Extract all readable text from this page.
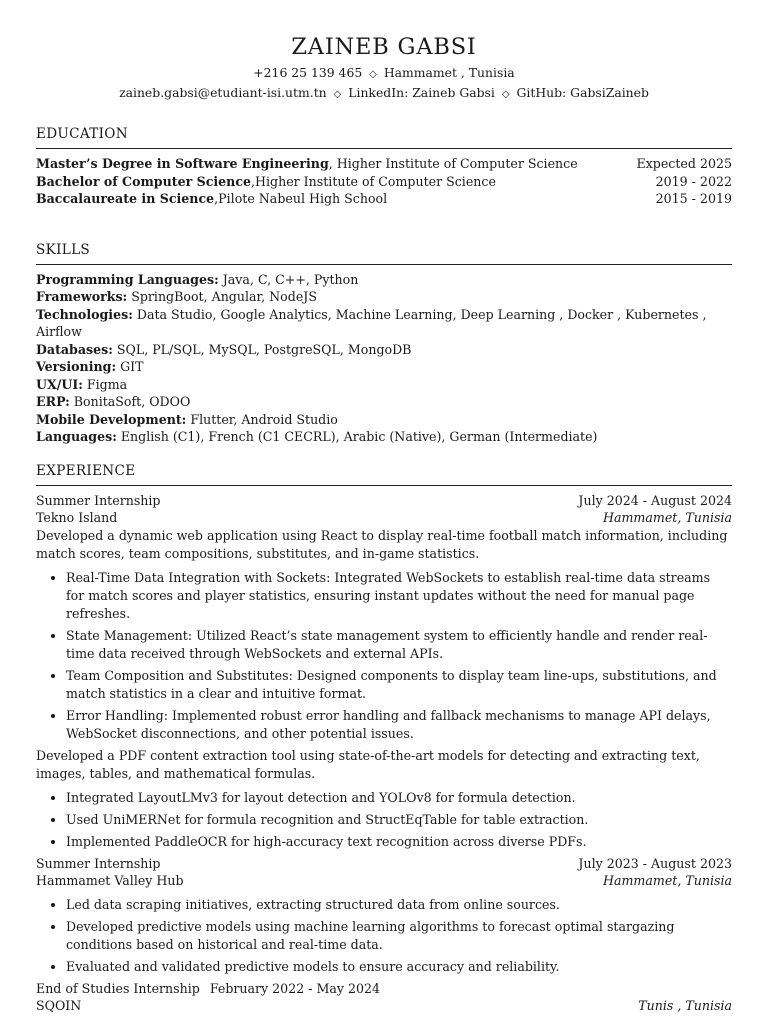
ZAINEB GABSI
+216 25 139 465 ◇ Hammamet , Tunisia
zaineb.gabsi@etudiant-isi.utm.tn ◇ LinkedIn: Zaineb Gabsi ◇ GitHub: GabsiZaineb
EDUCATION
Master’s Degree in Software Engineering, Higher Institute of Computer Science	Expected 2025
Bachelor of Computer Science,Higher Institute of Computer Science	2019 - 2022
Baccalaureate in Science,Pilote Nabeul High School	2015 - 2019
SKILLS
Programming Languages: Java, C, C++, Python
Frameworks: SpringBoot, Angular, NodeJS
Technologies: Data Studio, Google Analytics, Machine Learning, Deep Learning , Docker , Kubernetes , Airflow
Databases: SQL, PL/SQL, MySQL, PostgreSQL, MongoDB
Versioning: GIT
UX/UI: Figma
ERP: BonitaSoft, ODOO
Mobile Development: Flutter, Android Studio
Languages: English (C1), French (C1 CECRL), Arabic (Native), German (Intermediate)
EXPERIENCE
Summer Internship	July 2024 - August 2024
Tekno Island	Hammamet, Tunisia
Developed a dynamic web application using React to display real-time football match information, including match scores, team compositions, substitutes, and in-game statistics.
• Real-Time Data Integration with Sockets: Integrated WebSockets to establish real-time data streams for match scores and player statistics, ensuring instant updates without the need for manual page refreshes.
• State Management: Utilized React’s state management system to efficiently handle and render real-time data received through WebSockets and external APIs.
• Team Composition and Substitutes: Designed components to display team line-ups, substitutions, and match statistics in a clear and intuitive format.
• Error Handling: Implemented robust error handling and fallback mechanisms to manage API delays, WebSocket disconnections, and other potential issues.
Developed a PDF content extraction tool using state-of-the-art models for detecting and extracting text, images, tables, and mathematical formulas.
• Integrated LayoutLMv3 for layout detection and YOLOv8 for formula detection.
• Used UniMERNet for formula recognition and StructEqTable for table extraction.
• Implemented PaddleOCR for high-accuracy text recognition across diverse PDFs.
Summer Internship	July 2023 - August 2023
Hammamet Valley Hub	Hammamet, Tunisia
• Led data scraping initiatives, extracting structured data from online sources.
• Developed predictive models using machine learning algorithms to forecast optimal stargazing conditions based on historical and real-time data.
• Evaluated and validated predictive models to ensure accuracy and reliability.
End of Studies Internship February 2022 - May 2024
SQOIN	Tunis , Tunisia
